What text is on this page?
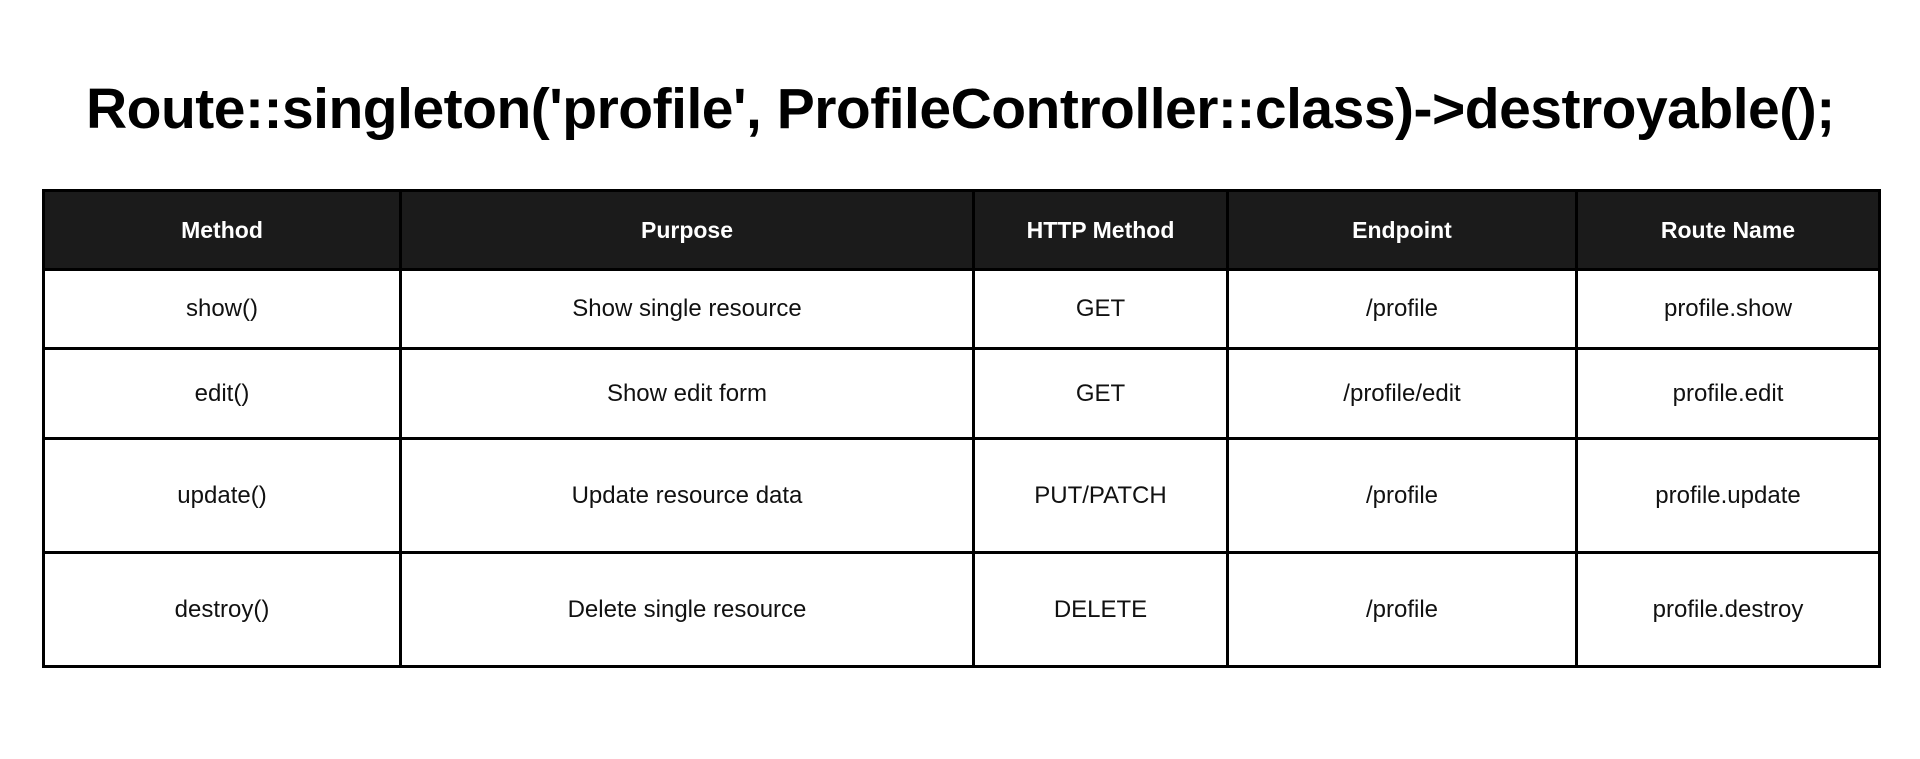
Route::singleton('profile', ProfileController::class)->destroyable();
Method	Purpose	HTTP Method	Endpoint	Route Name
show()	Show single resource	GET	/profile	profile.show
edit()	Show edit form	GET	/profile/edit	profile.edit
update()	Update resource data	PUT/PATCH	/profile	profile.update
destroy()	Delete single resource	DELETE	/profile	profile.destroy
